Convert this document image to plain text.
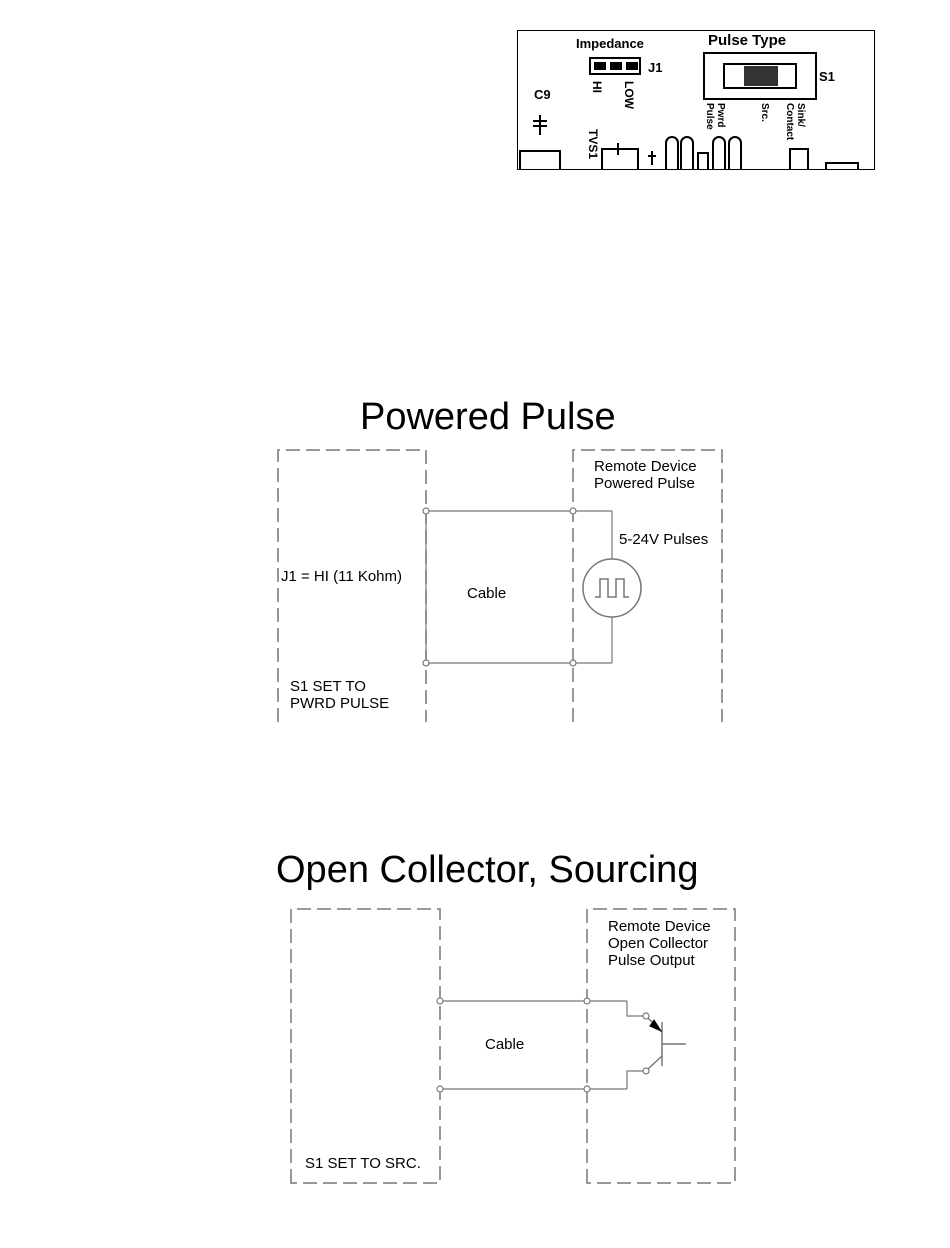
Impedance
J1
Pulse Type
S1
C9	HI LOW
TVS1
Pwrd Pulse	Src.	Sink/ Contact
Powered Pulse
Remote Device
Powered Pulse
5-24V Pulses
J1 = HI (11 Kohm)
Cable
S1 SET TO
PWRD PULSE
Open Collector, Sourcing
Remote Device
Open Collector
Pulse Output
Cable
S1 SET TO SRC.
